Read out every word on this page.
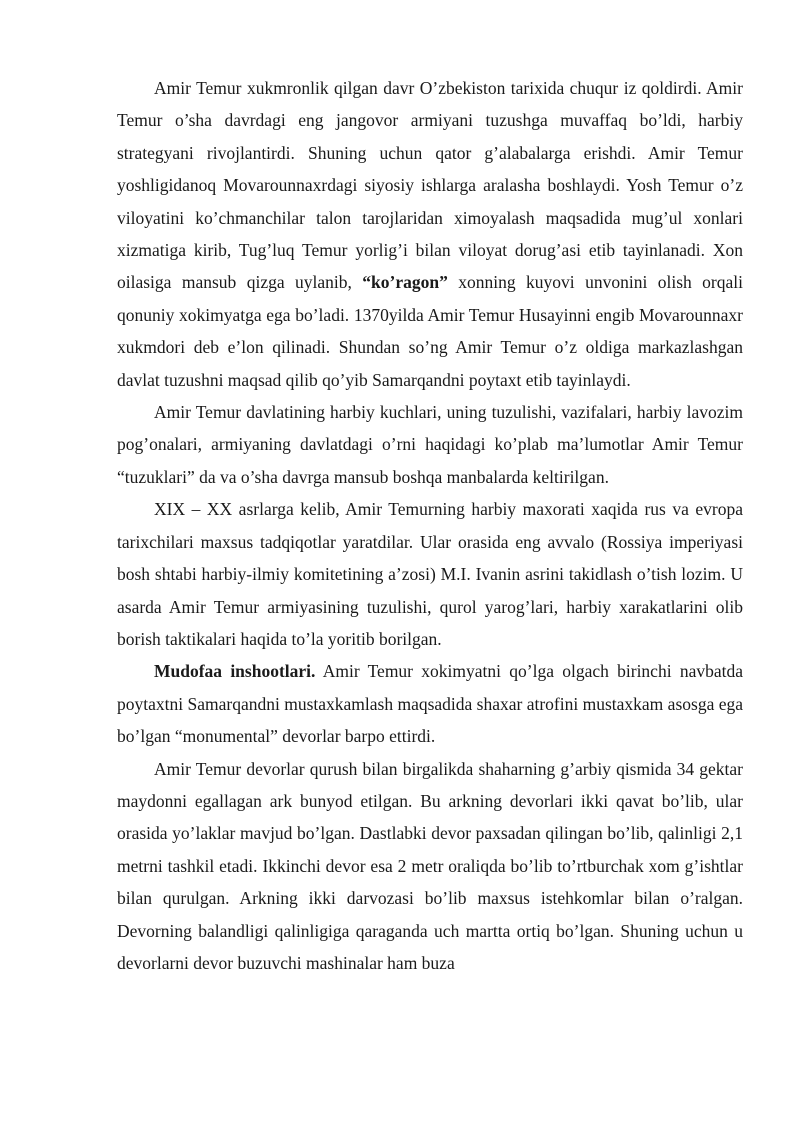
Amir Temur xukmronlik qilgan davr O’zbekiston tarixida chuqur iz qoldirdi. Amir Temur o’sha davrdagi eng jangovor armiyani tuzushga muvaffaq bo’ldi, harbiy strategyani rivojlantirdi. Shuning uchun qator g’alabalarga erishdi. Amir Temur yoshligidanoq Movarounnaxrdagi siyosiy ishlarga aralasha boshlaydi. Yosh Temur o’z viloyatini ko’chmanchilar talon tarojlaridan ximoyalash maqsadida mug’ul xonlari xizmatiga kirib, Tug’luq Temur yorlig’i bilan viloyat dorug’asi etib tayinlanadi. Xon oilasiga mansub qizga uylanib, “ko’ragon” xonning kuyovi unvonini olish orqali qonuniy xokimyatga ega bo’ladi. 1370yilda Amir Temur Husayinni engib Movarounnaxr xukmdori deb e’lon qilinadi. Shundan so’ng Amir Temur o’z oldiga markazlashgan davlat tuzushni maqsad qilib qo’yib Samarqandni poytaxt etib tayinlaydi.

Amir Temur davlatining harbiy kuchlari, uning tuzulishi, vazifalari, harbiy lavozim pog’onalari, armiyaning davlatdagi o’rni haqidagi ko’plab ma’lumotlar Amir Temur “tuzuklari” da va o’sha davrga mansub boshqa manbalarda keltirilgan.

XIX – XX asrlarga kelib, Amir Temurning harbiy maxorati xaqida rus va evropa tarixchilari maxsus tadqiqotlar yaratdilar. Ular orasida eng avvalo (Rossiya imperiyasi bosh shtabi harbiy-ilmiy komitetining a’zosi) M.I. Ivanin asrini takidlash o’tish lozim. U asarda Amir Temur armiyasining tuzulishi, qurol yarog’lari, harbiy xarakatlarini olib borish taktikalari haqida to’la yoritib borilgan.

Mudofaa inshootlari. Amir Temur xokimyatni qo’lga olgach birinchi navbatda poytaxtni Samarqandni mustaxkamlash maqsadida shaxar atrofini mustaxkam asosga ega bo’lgan “monumental” devorlar barpo ettirdi.

Amir Temur devorlar qurush bilan birgalikda shaharning g’arbiy qismida 34 gektar maydonni egallagan ark bunyod etilgan. Bu arkning devorlari ikki qavat bo’lib, ular orasida yo’laklar mavjud bo’lgan. Dastlabki devor paxsadan qilingan bo’lib, qalinligi 2,1 metrni tashkil etadi. Ikkinchi devor esa 2 metr oraliqda bo’lib to’rtburchak xom g’ishtlar bilan qurulgan. Arkning ikki darvozasi bo’lib maxsus istehkomlar bilan o’ralgan. Devorning balandligi qalinligiga qaraganda uch martta ortiq bo’lgan. Shuning uchun u devorlarni devor buzuvchi mashinalar ham buza
